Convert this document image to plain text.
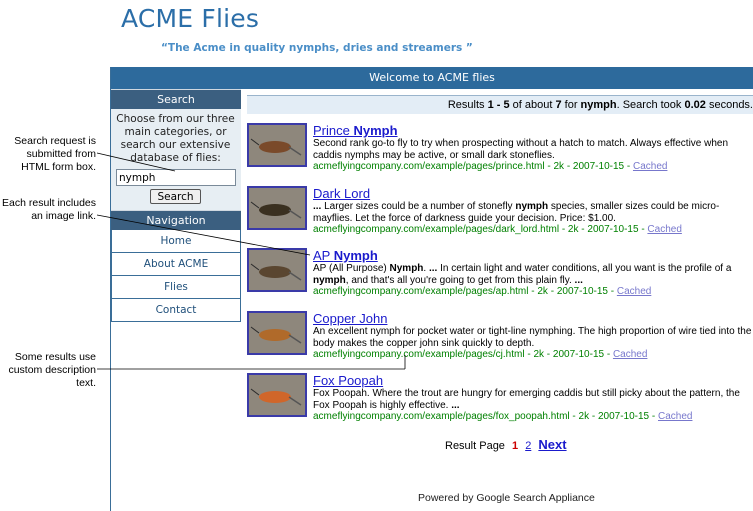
ACME Flies
“The Acme in quality nymphs, dries and streamers ”
Welcome to ACME flies
Search
Choose from our three main categories, or search our extensive database of flies:
nymph Search
Navigation
Home
About ACME
Flies
Contact
Results 1 - 5 of about 7 for nymph. Search took 0.02 seconds.
Prince Nymph
Second rank go-to fly to try when prospecting without a hatch to match. Always effective when caddis nymphs may be active, or small dark stoneflies.
acmeflyingcompany.com/example/pages/prince.html - 2k - 2007-10-15 - Cached
Dark Lord
... Larger sizes could be a number of stonefly nymph species, smaller sizes could be micro-mayflies. Let the force of darkness guide your decision. Price: $1.00.
acmeflyingcompany.com/example/pages/dark_lord.html - 2k - 2007-10-15 - Cached
AP Nymph
AP (All Purpose) Nymph. ... In certain light and water conditions, all you want is the profile of a nymph, and that's all you're going to get from this plain fly. ...
acmeflyingcompany.com/example/pages/ap.html - 2k - 2007-10-15 - Cached
Copper John
An excellent nymph for pocket water or tight-line nymphing. The high proportion of wire tied into the body makes the copper john sink quickly to depth.
acmeflyingcompany.com/example/pages/cj.html - 2k - 2007-10-15 - Cached
Fox Poopah
Fox Poopah. Where the trout are hungry for emerging caddis but still picky about the pattern, the Fox Poopah is highly effective. ...
acmeflyingcompany.com/example/pages/fox_poopah.html - 2k - 2007-10-15 - Cached
Result Page 1 2 Next
Powered by Google Search Appliance
Search request is submitted from HTML form box.
Each result includes an image link.
Some results use custom description text.
